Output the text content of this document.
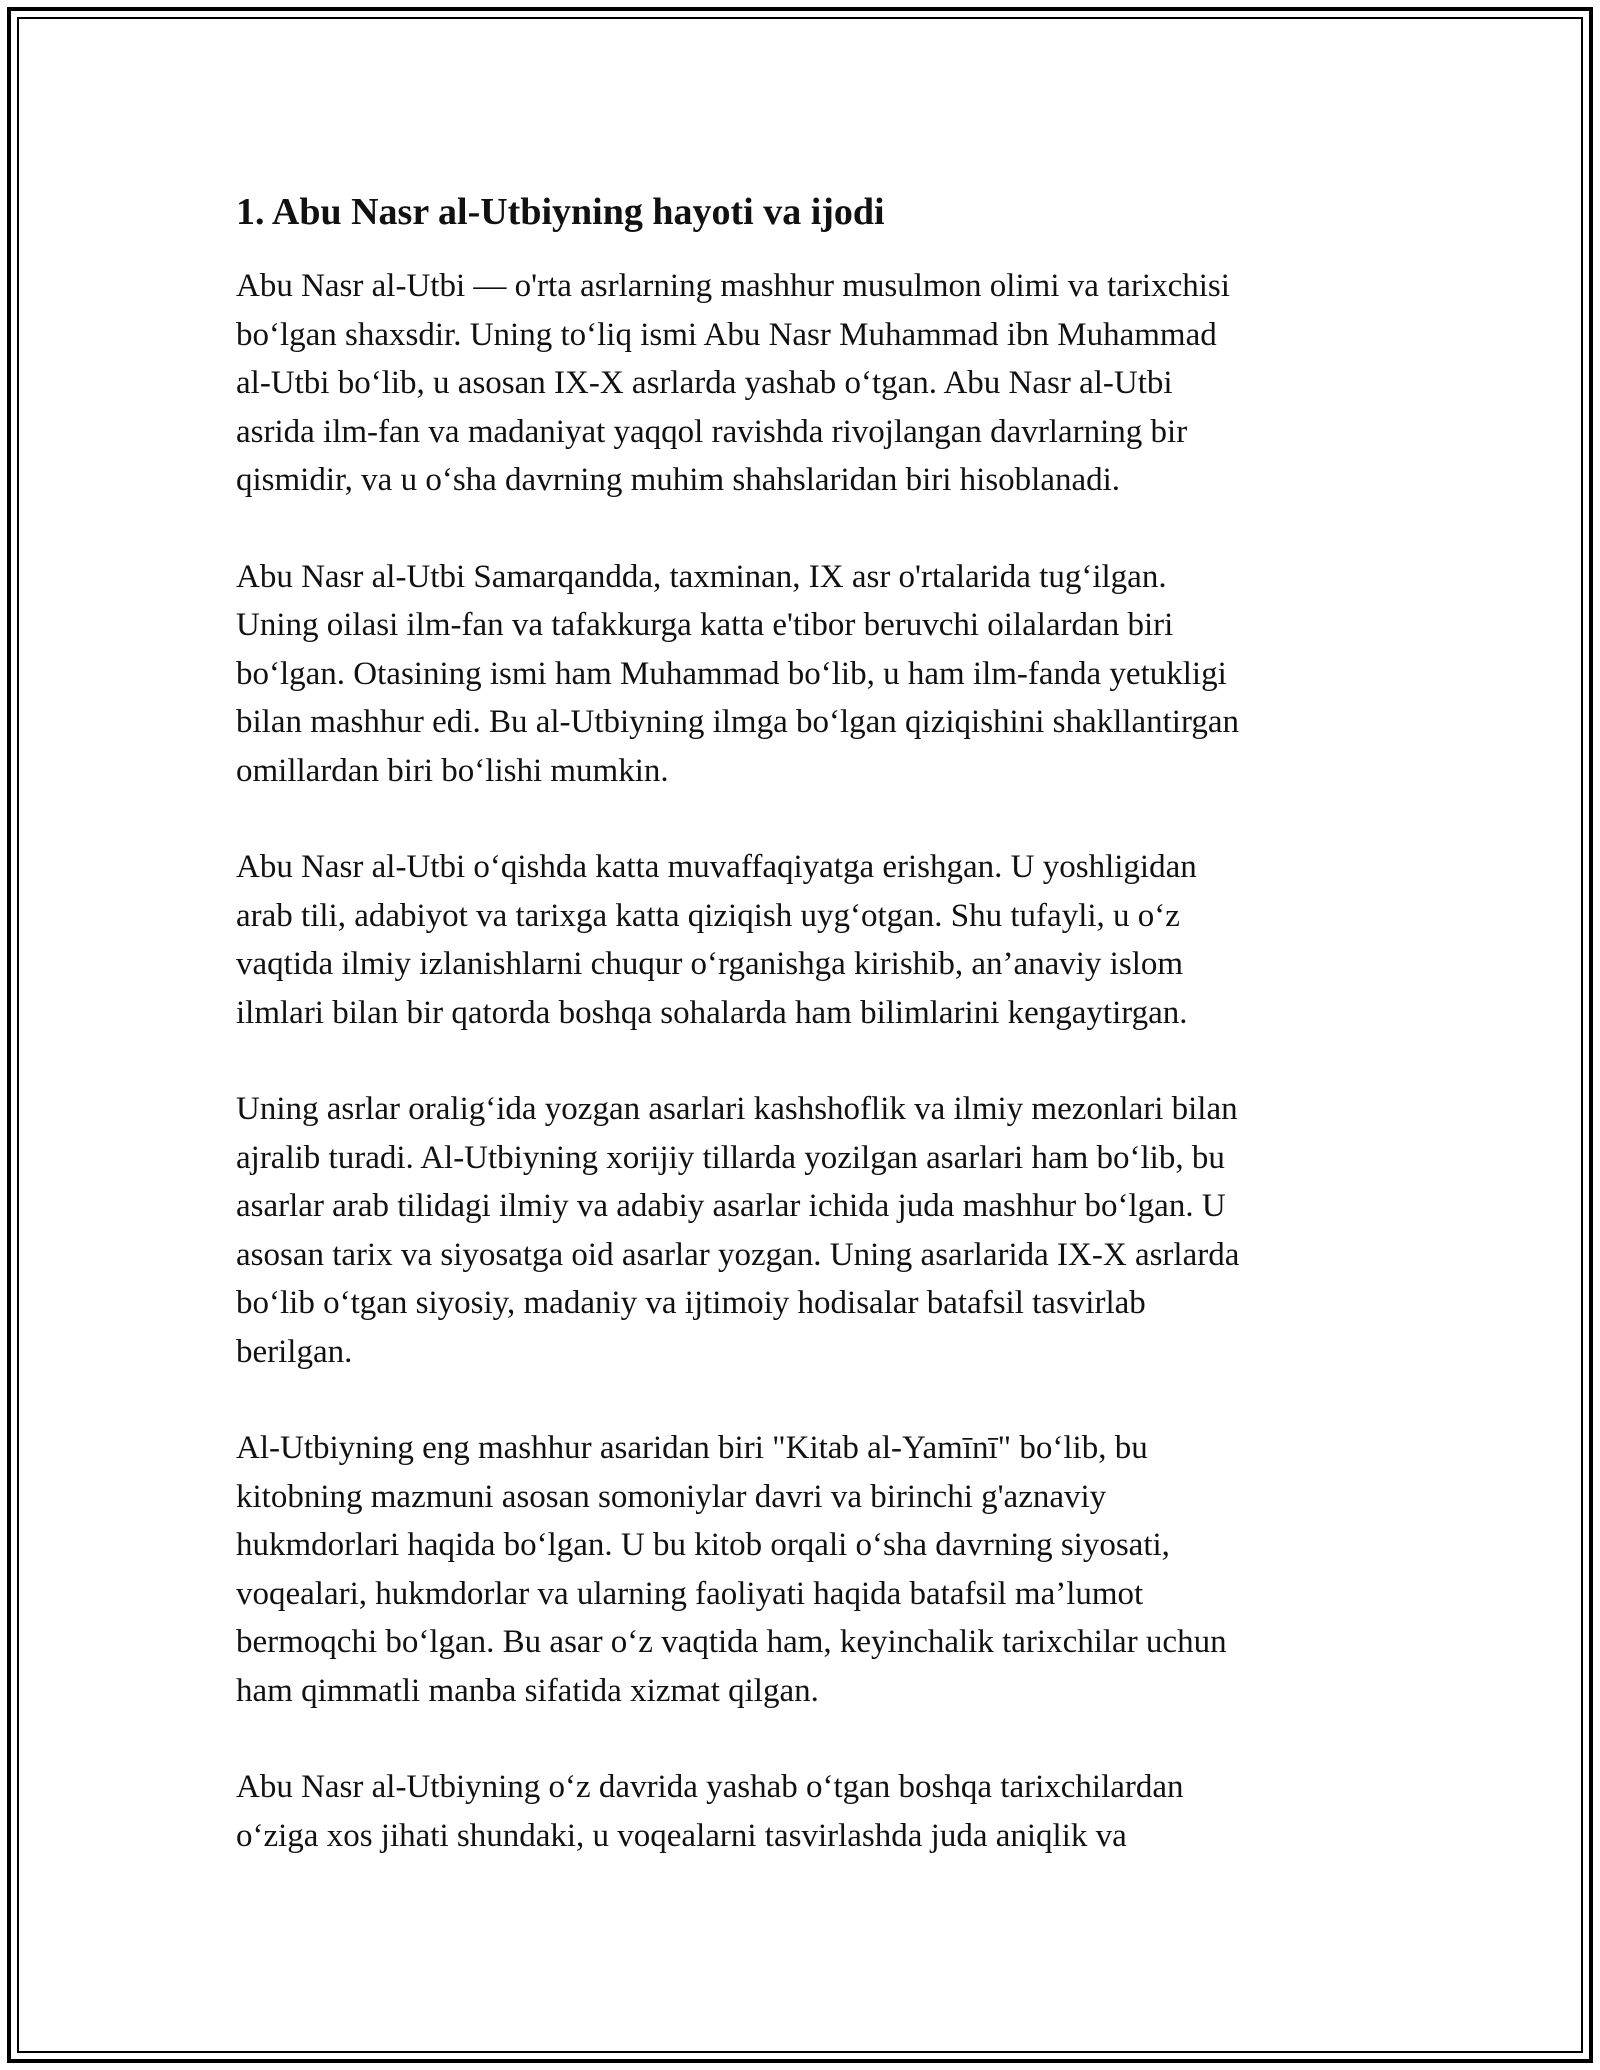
1. Abu Nasr al-Utbiyning hayoti va ijodi

Abu Nasr al-Utbi — o'rta asrlarning mashhur musulmon olimi va tarixchisi
boʻlgan shaxsdir. Uning toʻliq ismi Abu Nasr Muhammad ibn Muhammad
al-Utbi boʻlib, u asosan IX-X asrlarda yashab oʻtgan. Abu Nasr al-Utbi
asrida ilm-fan va madaniyat yaqqol ravishda rivojlangan davrlarning bir
qismidir, va u oʻsha davrning muhim shahslaridan biri hisoblanadi.

Abu Nasr al-Utbi Samarqandda, taxminan, IX asr o'rtalarida tugʻilgan.
Uning oilasi ilm-fan va tafakkurga katta e'tibor beruvchi oilalardan biri
boʻlgan. Otasining ismi ham Muhammad boʻlib, u ham ilm-fanda yetukligi
bilan mashhur edi. Bu al-Utbiyning ilmga boʻlgan qiziqishini shakllantirgan
omillardan biri boʻlishi mumkin.

Abu Nasr al-Utbi oʻqishda katta muvaffaqiyatga erishgan. U yoshligidan
arab tili, adabiyot va tarixga katta qiziqish uygʻotgan. Shu tufayli, u oʻz
vaqtida ilmiy izlanishlarni chuqur oʻrganishga kirishib, an’anaviy islom
ilmlari bilan bir qatorda boshqa sohalarda ham bilimlarini kengaytirgan.

Uning asrlar oraligʻida yozgan asarlari kashshoflik va ilmiy mezonlari bilan
ajralib turadi. Al-Utbiyning xorijiy tillarda yozilgan asarlari ham boʻlib, bu
asarlar arab tilidagi ilmiy va adabiy asarlar ichida juda mashhur boʻlgan. U
asosan tarix va siyosatga oid asarlar yozgan. Uning asarlarida IX-X asrlarda
boʻlib oʻtgan siyosiy, madaniy va ijtimoiy hodisalar batafsil tasvirlab
berilgan.

Al-Utbiyning eng mashhur asaridan biri "Kitab al-Yamīnī" boʻlib, bu
kitobning mazmuni asosan somoniylar davri va birinchi g'aznaviy
hukmdorlari haqida boʻlgan. U bu kitob orqali oʻsha davrning siyosati,
voqealari, hukmdorlar va ularning faoliyati haqida batafsil ma’lumot
bermoqchi boʻlgan. Bu asar oʻz vaqtida ham, keyinchalik tarixchilar uchun
ham qimmatli manba sifatida xizmat qilgan.

Abu Nasr al-Utbiyning oʻz davrida yashab oʻtgan boshqa tarixchilardan
oʻziga xos jihati shundaki, u voqealarni tasvirlashda juda aniqlik va
